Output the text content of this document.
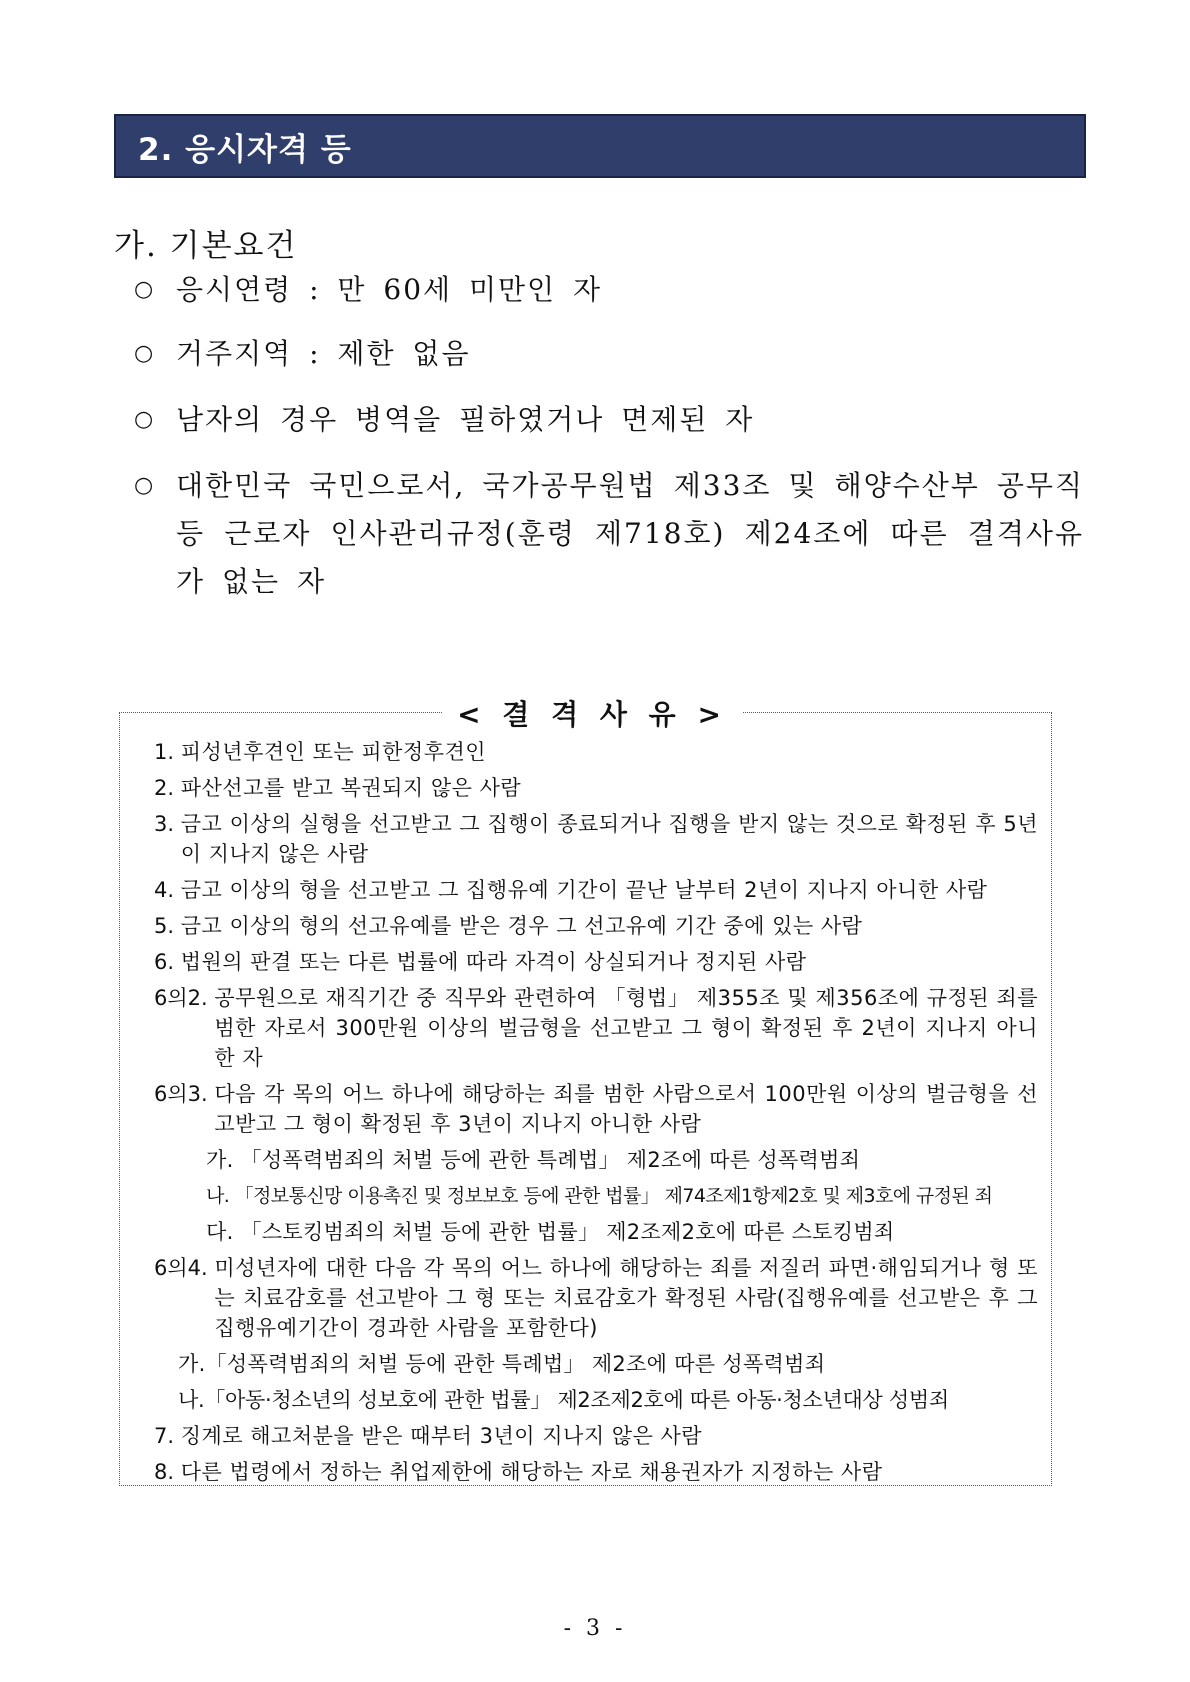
2. 응시자격 등
가. 기본요건
○ 응시연령 : 만 60세 미만인 자
○ 거주지역 : 제한 없음
○ 남자의 경우 병역을 필하였거나 면제된 자
○ 대한민국 국민으로서, 국가공무원법 제33조 및 해양수산부 공무직 등 근로자 인사관리규정(훈령 제718호) 제24조에 따른 결격사유가 없는 자
< 결 격 사 유 >
1. 피성년후견인 또는 피한정후견인
2. 파산선고를 받고 복권되지 않은 사람
3. 금고 이상의 실형을 선고받고 그 집행이 종료되거나 집행을 받지 않는 것으로 확정된 후 5년이 지나지 않은 사람
4. 금고 이상의 형을 선고받고 그 집행유예 기간이 끝난 날부터 2년이 지나지 아니한 사람
5. 금고 이상의 형의 선고유예를 받은 경우 그 선고유예 기간 중에 있는 사람
6. 법원의 판결 또는 다른 법률에 따라 자격이 상실되거나 정지된 사람
6의2. 공무원으로 재직기간 중 직무와 관련하여 「형법」 제355조 및 제356조에 규정된 죄를 범한 자로서 300만원 이상의 벌금형을 선고받고 그 형이 확정된 후 2년이 지나지 아니한 자
6의3. 다음 각 목의 어느 하나에 해당하는 죄를 범한 사람으로서 100만원 이상의 벌금형을 선고받고 그 형이 확정된 후 3년이 지나지 아니한 사람
가. 「성폭력범죄의 처벌 등에 관한 특례법」 제2조에 따른 성폭력범죄
나. 「정보통신망 이용촉진 및 정보보호 등에 관한 법률」 제74조제1항제2호 및 제3호에 규정된 죄
다. 「스토킹범죄의 처벌 등에 관한 법률」 제2조제2호에 따른 스토킹범죄
6의4. 미성년자에 대한 다음 각 목의 어느 하나에 해당하는 죄를 저질러 파면·해임되거나 형 또는 치료감호를 선고받아 그 형 또는 치료감호가 확정된 사람(집행유예를 선고받은 후 그 집행유예기간이 경과한 사람을 포함한다)
가.「성폭력범죄의 처벌 등에 관한 특례법」 제2조에 따른 성폭력범죄
나.「아동·청소년의 성보호에 관한 법률」 제2조제2호에 따른 아동·청소년대상 성범죄
7. 징계로 해고처분을 받은 때부터 3년이 지나지 않은 사람
8. 다른 법령에서 정하는 취업제한에 해당하는 자로 채용권자가 지정하는 사람
- 3 -
